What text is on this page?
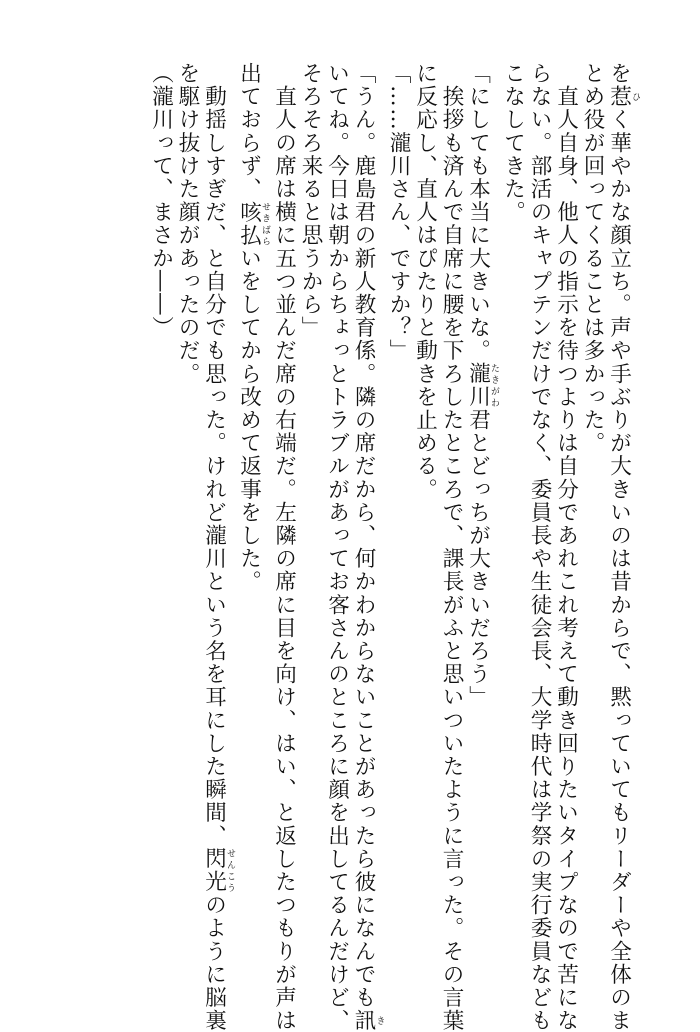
を惹ひく華やかな顔立ち。声や手ぶりが大きいのは昔からで、黙っていてもリーダーや全体のま

とめ役が回ってくることは多かった。

　直人自身、他人の指示を待つよりは自分であれこれ考えて動き回りたいタイプなので苦にな

らない。部活のキャプテンだけでなく、委員長や生徒会長、大学時代は学祭の実行委員なども

こなしてきた。

「にしても本当に大きいな。瀧川たきがわ君とどっちが大きいだろう」

　挨拶も済んで自席に腰を下ろしたところで、課長がふと思いついたように言った。その言葉

に反応し、直人はぴたりと動きを止める。

「……瀧川さん、ですか？」

「うん。鹿島君の新人教育係。隣の席だから、何かわからないことがあったら彼になんでも訊き

いてね。今日は朝からちょっとトラブルがあってお客さんのところに顔を出してるんだけど、

そろそろ来ると思うから」

　直人の席は横に五つ並んだ席の右端だ。左隣の席に目を向け、はい、と返したつもりが声は

出ておらず、咳払せきばらいをしてから改めて返事をした。

　動揺しすぎだ、と自分でも思った。けれど瀧川という名を耳にした瞬間、閃光せんこうのように脳裏

を駆け抜けた顔があったのだ。

（瀧川って、まさか――）
